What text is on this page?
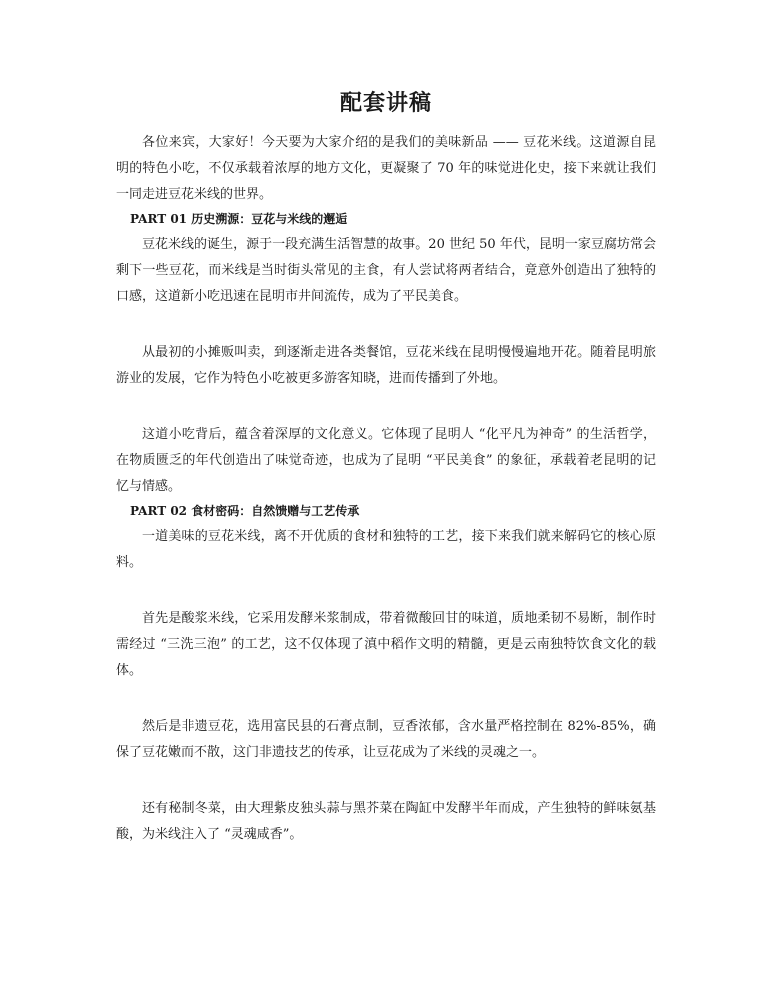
配套讲稿

各位来宾，大家好！今天要为大家介绍的是我们的美味新品 —— 豆花米线。这道源自昆明的特色小吃，不仅承载着浓厚的地方文化，更凝聚了 70 年的味觉进化史，接下来就让我们一同走进豆花米线的世界。

PART 01 历史溯源：豆花与米线的邂逅

豆花米线的诞生，源于一段充满生活智慧的故事。20 世纪 50 年代，昆明一家豆腐坊常会剩下一些豆花，而米线是当时街头常见的主食，有人尝试将两者结合，竟意外创造出了独特的口感，这道新小吃迅速在昆明市井间流传，成为了平民美食。

从最初的小摊贩叫卖，到逐渐走进各类餐馆，豆花米线在昆明慢慢遍地开花。随着昆明旅游业的发展，它作为特色小吃被更多游客知晓，进而传播到了外地。

这道小吃背后，蕴含着深厚的文化意义。它体现了昆明人 “化平凡为神奇” 的生活哲学，在物质匮乏的年代创造出了味觉奇迹，也成为了昆明 “平民美食” 的象征，承载着老昆明的记忆与情感。

PART 02 食材密码：自然馈赠与工艺传承

一道美味的豆花米线，离不开优质的食材和独特的工艺，接下来我们就来解码它的核心原料。

首先是酸浆米线，它采用发酵米浆制成，带着微酸回甘的味道，质地柔韧不易断，制作时需经过 “三洗三泡” 的工艺，这不仅体现了滇中稻作文明的精髓，更是云南独特饮食文化的载体。

然后是非遗豆花，选用富民县的石膏点制，豆香浓郁，含水量严格控制在 82%-85%，确保了豆花嫩而不散，这门非遗技艺的传承，让豆花成为了米线的灵魂之一。

还有秘制冬菜，由大理紫皮独头蒜与黑芥菜在陶缸中发酵半年而成，产生独特的鲜味氨基酸，为米线注入了 “灵魂咸香”。
